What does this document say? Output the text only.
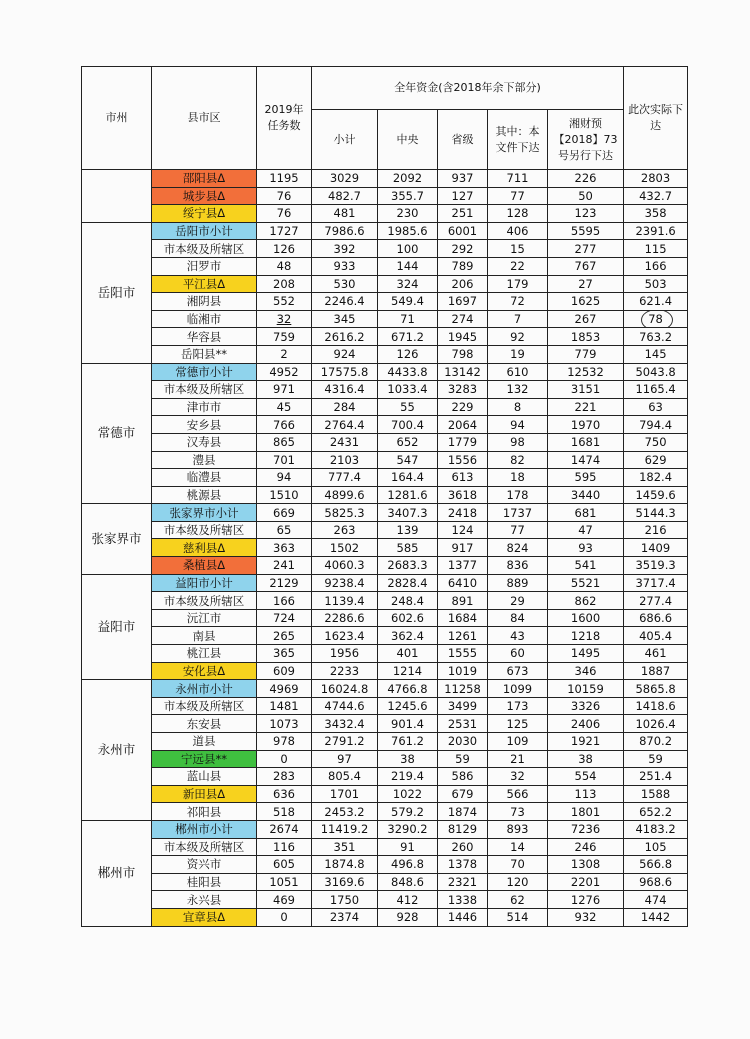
市州	县市区	2019年任务数	全年资金(含2018年余下部分)					此次实际下达
			小计	中央	省级	其中：本文件下达	湘财预【2018】73号另行下达	
	邵阳县Δ	1195	3029	2092	937	711	226	2803
	城步县Δ	76	482.7	355.7	127	77	50	432.7
	绥宁县Δ	76	481	230	251	128	123	358
岳阳市	岳阳市小计	1727	7986.6	1985.6	6001	406	5595	2391.6
	市本级及所辖区	126	392	100	292	15	277	115
	汨罗市	48	933	144	789	22	767	166
	平江县Δ	208	530	324	206	179	27	503
	湘阴县	552	2246.4	549.4	1697	72	1625	621.4
	临湘市	32	345	71	274	7	267	78

	华容县	759	2616.2	671.2	1945	92	1853	763.2
	岳阳县**	2	924	126	798	19	779	145
常德市	常德市小计	4952	17575.8	4433.8	13142	610	12532	5043.8
	市本级及所辖区	971	4316.4	1033.4	3283	132	3151	1165.4
	津市市	45	284	55	229	8	221	63
	安乡县	766	2764.4	700.4	2064	94	1970	794.4
	汉寿县	865	2431	652	1779	98	1681	750
	澧县	701	2103	547	1556	82	1474	629
	临澧县	94	777.4	164.4	613	18	595	182.4
	桃源县	1510	4899.6	1281.6	3618	178	3440	1459.6
张家界市	张家界市小计	669	5825.3	3407.3	2418	1737	681	5144.3
	市本级及所辖区	65	263	139	124	77	47	216
	慈利县Δ	363	1502	585	917	824	93	1409
	桑植县Δ	241	4060.3	2683.3	1377	836	541	3519.3
益阳市	益阳市小计	2129	9238.4	2828.4	6410	889	5521	3717.4
	市本级及所辖区	166	1139.4	248.4	891	29	862	277.4
	沅江市	724	2286.6	602.6	1684	84	1600	686.6
	南县	265	1623.4	362.4	1261	43	1218	405.4
	桃江县	365	1956	401	1555	60	1495	461
	安化县Δ	609	2233	1214	1019	673	346	1887
永州市	永州市小计	4969	16024.8	4766.8	11258	1099	10159	5865.8
	市本级及所辖区	1481	4744.6	1245.6	3499	173	3326	1418.6
	东安县	1073	3432.4	901.4	2531	125	2406	1026.4
	道县	978	2791.2	761.2	2030	109	1921	870.2
	宁远县**	0	97	38	59	21	38	59
	蓝山县	283	805.4	219.4	586	32	554	251.4
	新田县Δ	636	1701	1022	679	566	113	1588
	祁阳县	518	2453.2	579.2	1874	73	1801	652.2
郴州市	郴州市小计	2674	11419.2	3290.2	8129	893	7236	4183.2
	市本级及所辖区	116	351	91	260	14	246	105
	资兴市	605	1874.8	496.8	1378	70	1308	566.8
	桂阳县	1051	3169.6	848.6	2321	120	2201	968.6
	永兴县	469	1750	412	1338	62	1276	474
	宜章县Δ	0	2374	928	1446	514	932	1442
